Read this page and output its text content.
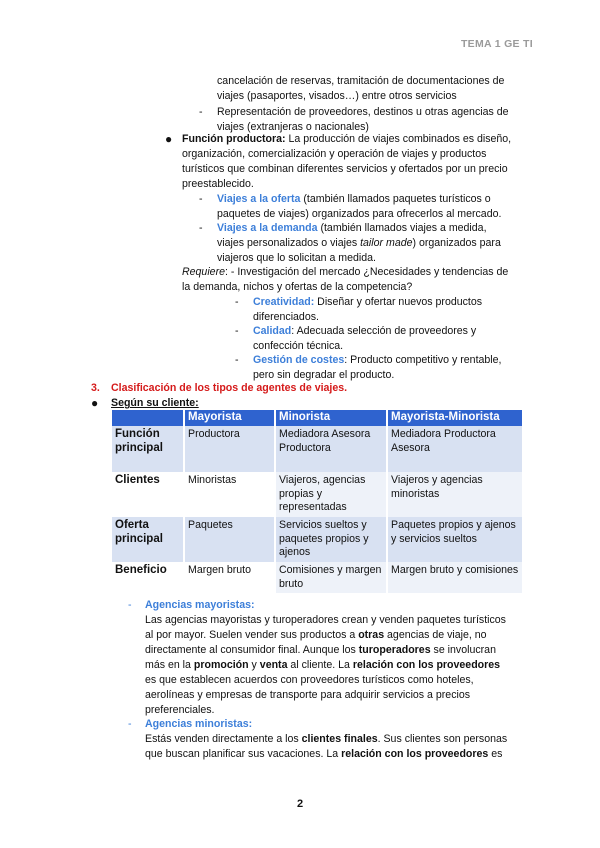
TEMA 1 GE TI
cancelación de reservas, tramitación de documentaciones de
viajes (pasaportes, visados…) entre otros servicios
- Representación de proveedores, destinos u otras agencias de
viajes (extranjeras o nacionales)
● Función productora: La producción de viajes combinados es diseño,
organización, comercialización y operación de viajes y productos
turísticos que combinan diferentes servicios y ofertados por un precio
preestablecido.
- Viajes a la oferta (también llamados paquetes turísticos o
paquetes de viajes) organizados para ofrecerlos al mercado.
- Viajes a la demanda (también llamados viajes a medida,
viajes personalizados o viajes tailor made) organizados para
viajeros que lo solicitan a medida.
Requiere: - Investigación del mercado ¿Necesidades y tendencias de
la demanda, nichos y ofertas de la competencia?
- Creatividad: Diseñar y ofertar nuevos productos
diferenciados.
- Calidad: Adecuada selección de proveedores y
confección técnica.
- Gestión de costes: Producto competitivo y rentable,
pero sin degradar el producto.
3. Clasificación de los tipos de agentes de viajes.
● Según su cliente:
	Mayorista	Minorista	Mayorista-Minorista
Función principal	Productora	Mediadora Asesora Productora	Mediadora Productora Asesora
Clientes	Minoristas	Viajeros, agencias propias y representadas	Viajeros y agencias minoristas
Oferta principal	Paquetes	Servicios sueltos y paquetes propios y ajenos	Paquetes propios y ajenos y servicios sueltos
Beneficio	Margen bruto	Comisiones y margen bruto	Margen bruto y comisiones
- Agencias mayoristas:
Las agencias mayoristas y turoperadores crean y venden paquetes turísticos
al por mayor. Suelen vender sus productos a otras agencias de viaje, no
directamente al consumidor final. Aunque los turoperadores se involucran
más en la promoción y venta al cliente. La relación con los proveedores
es que establecen acuerdos con proveedores turísticos como hoteles,
aerolíneas y empresas de transporte para adquirir servicios a precios
preferenciales.
- Agencias minoristas:
Estás venden directamente a los clientes finales. Sus clientes son personas
que buscan planificar sus vacaciones. La relación con los proveedores es
2
